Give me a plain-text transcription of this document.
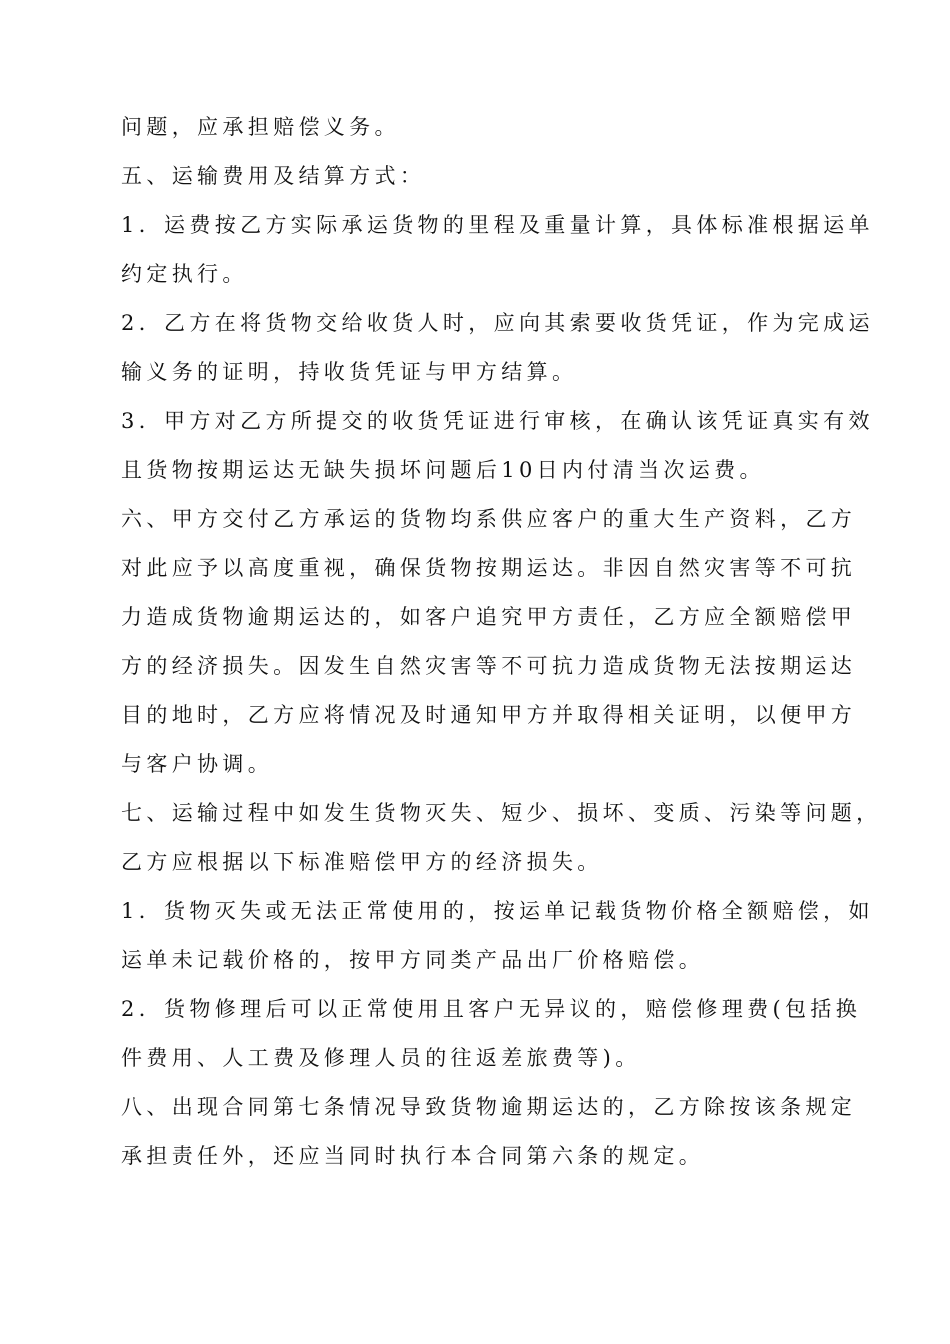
问题，应承担赔偿义务。
五、运输费用及结算方式：
1．运费按乙方实际承运货物的里程及重量计算，具体标准根据运单
约定执行。
2．乙方在将货物交给收货人时，应向其索要收货凭证，作为完成运
输义务的证明，持收货凭证与甲方结算。
3．甲方对乙方所提交的收货凭证进行审核，在确认该凭证真实有效
且货物按期运达无缺失损坏问题后10日内付清当次运费。
六、甲方交付乙方承运的货物均系供应客户的重大生产资料，乙方
对此应予以高度重视，确保货物按期运达。非因自然灾害等不可抗
力造成货物逾期运达的，如客户追究甲方责任，乙方应全额赔偿甲
方的经济损失。因发生自然灾害等不可抗力造成货物无法按期运达
目的地时，乙方应将情况及时通知甲方并取得相关证明，以便甲方
与客户协调。
七、运输过程中如发生货物灭失、短少、损坏、变质、污染等问题，
乙方应根据以下标准赔偿甲方的经济损失。
1．货物灭失或无法正常使用的，按运单记载货物价格全额赔偿，如
运单未记载价格的，按甲方同类产品出厂价格赔偿。
2．货物修理后可以正常使用且客户无异议的，赔偿修理费(包括换
件费用、人工费及修理人员的往返差旅费等)。
八、出现合同第七条情况导致货物逾期运达的，乙方除按该条规定
承担责任外，还应当同时执行本合同第六条的规定。
